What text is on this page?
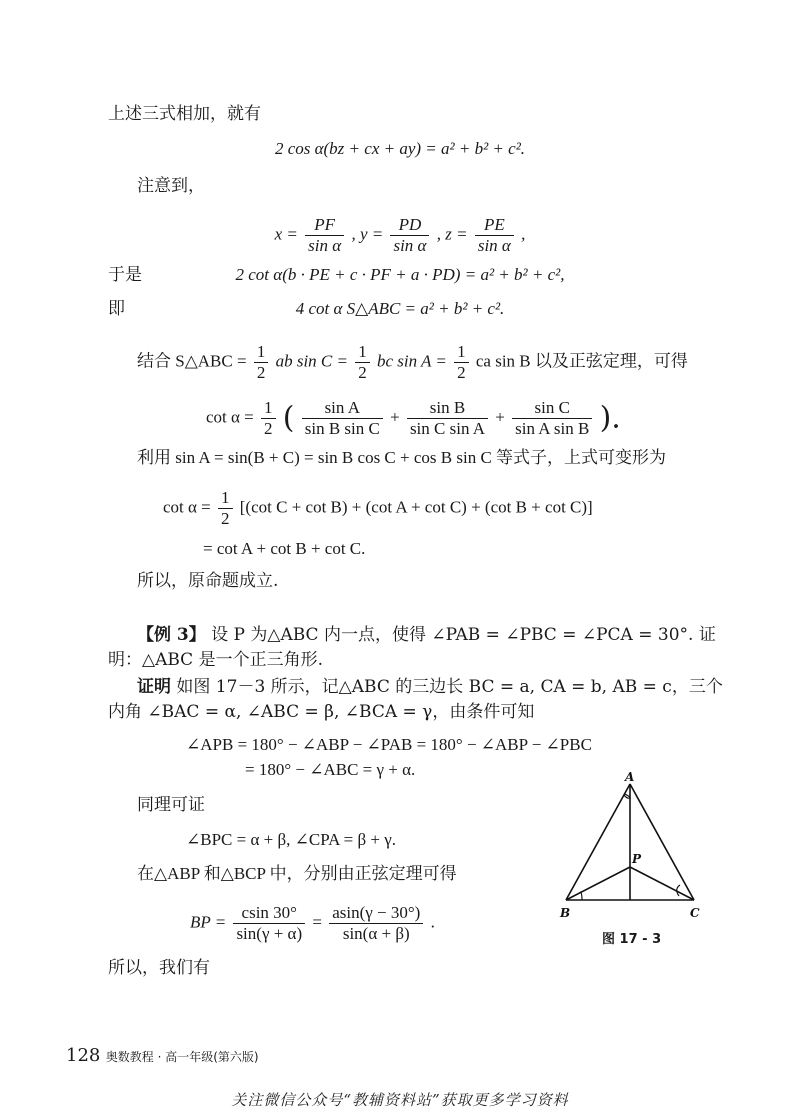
上述三式相加，就有
2 cos α(bz + cx + ay) = a² + b² + c².
注意到，
$x = \frac{PF}{\text{sin α}}$ , $y = \frac{PD}{\text{sin α}}$ , $z = \frac{PE}{\text{sin α}}$ ,
于是	2 cot α(b · PE + c · PF + a · PD) = a² + b² + c²,
即	4 cot α S△ABC = a² + b² + c².
结合 S△ABC = $\frac{1}{2}$ ab $\sin C = \frac{1}{2}$ bc $\sin A = \frac{1}{2}$ ca sin B 以及正弦定理，可得
$\cot \alpha = \frac{1}{2}$ ( $\frac{\text{sin A}}{\text{sin B sin C}} + \frac{\text{sin B}}{\text{sin C sin A}} + \frac{\text{sin C}}{\text{sin A sin B}}$ ).
利用 sin A = sin(B + C) = sin B cos C + cos B sin C 等式子，上式可变形为
$\cot \alpha = \frac{1}{2} [(\cot$ C + cot B) + (cot A + cot C) + (cot B + cot C)]
= cot A + cot B + cot C.
所以，原命题成立.
【例 3】 设 P 为△ABC 内一点，使得 ∠PAB = ∠PBC = ∠PCA = 30°. 证
明：△ABC 是一个正三角形.
证明 如图 17－3 所示，记△ABC 的三边长 BC = a, CA = b, AB = c，三个
内角 ∠BAC = α, ∠ABC = β, ∠BCA = γ，由条件可知
∠APB = 180° − ∠ABP − ∠PAB = 180° − ∠ABP − ∠PBC
= 180° − ∠ABC = γ + α.
同理可证
∠BPC = α + β, ∠CPA = β + γ.
在△ABP 和△BCP 中，分别由正弦定理可得
BP = $\frac{csin 30^\circ}{\sin(\gamma + \alpha)} = \frac{asin(\gamma - 30^\circ)}{\sin(\alpha + \beta)}$ .
所以，我们有
A
B	C
P
图 17 - 3
128 奥数教程 · 高一年级(第六版)
关注微信公众号“教辅资料站”获取更多学习资料
